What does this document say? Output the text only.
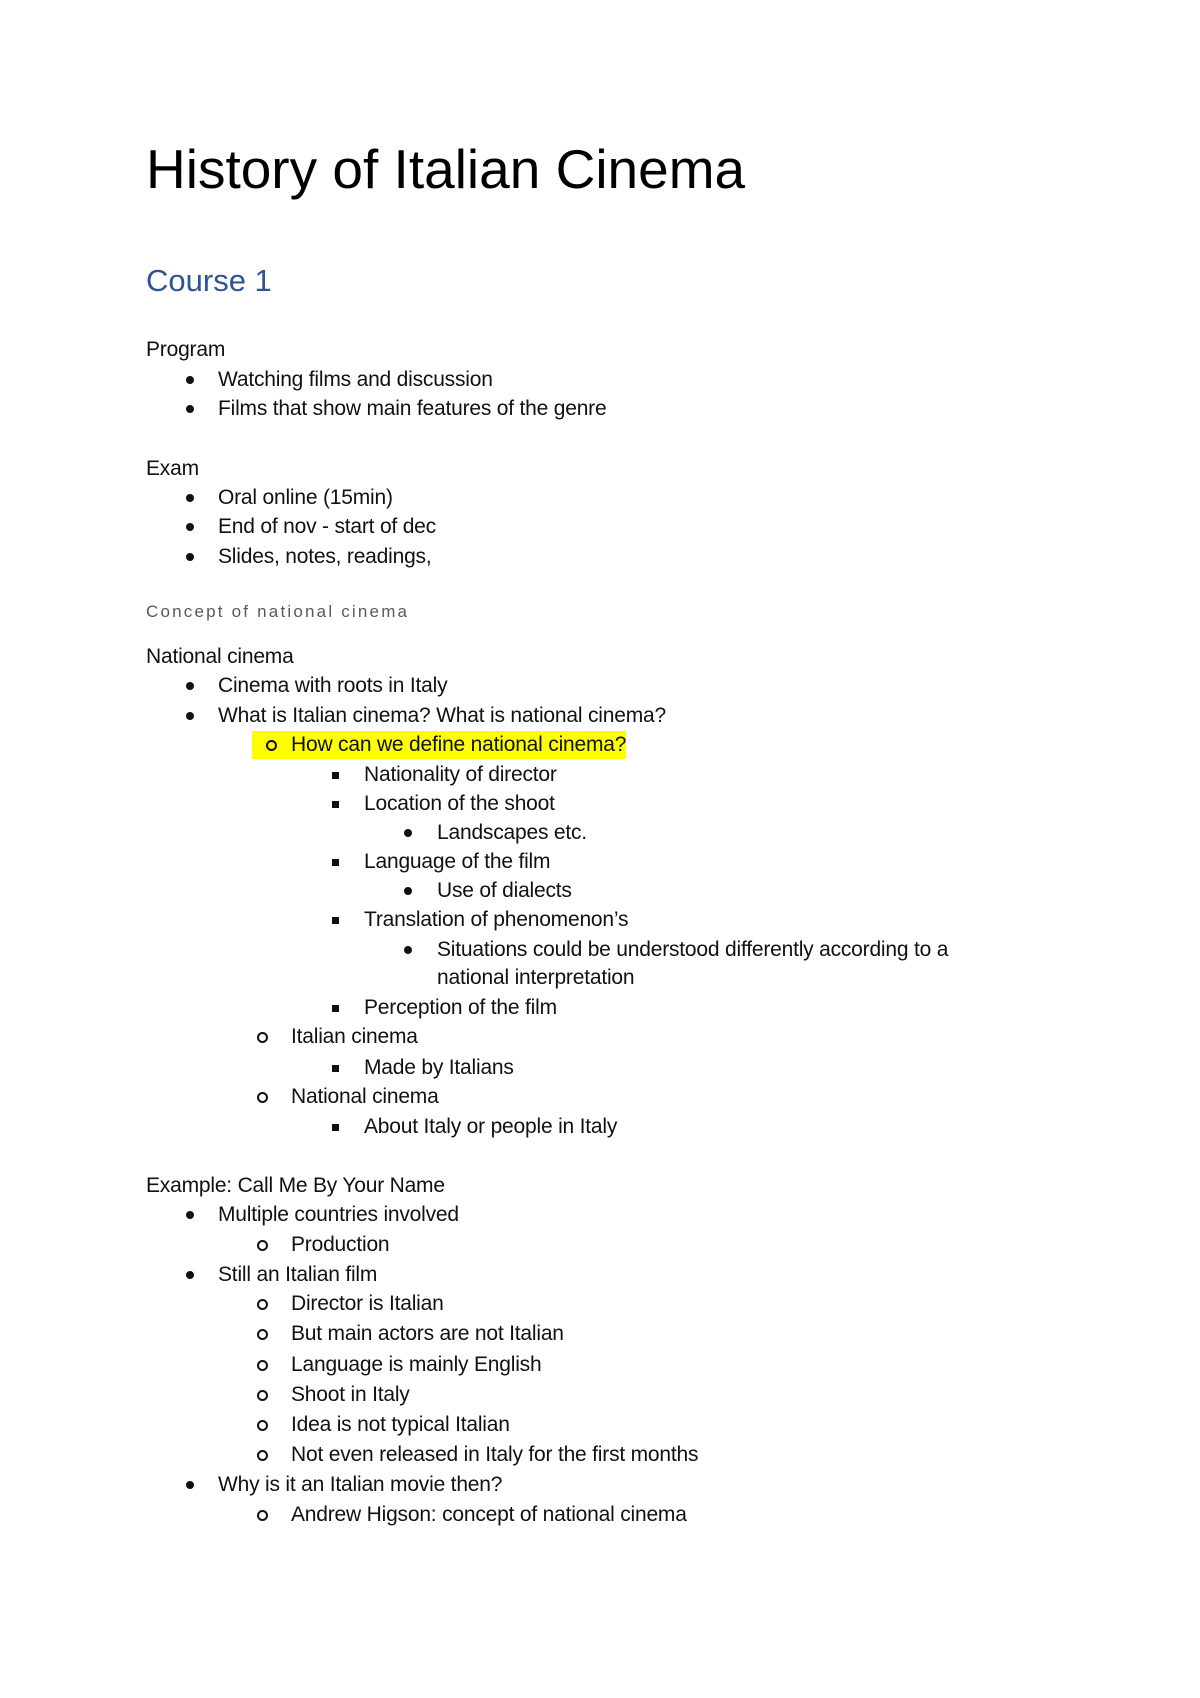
History of Italian Cinema
Course 1
Concept of national cinema
Program
Watching films and discussion
Films that show main features of the genre
Exam
Oral online (15min)
End of nov - start of dec
Slides, notes, readings,
National cinema
Cinema with roots in Italy
What is Italian cinema? What is national cinema?
How can we define national cinema?
Nationality of director
Location of the shoot
Landscapes etc.
Language of the film
Use of dialects
Translation of phenomenon’s
Situations could be understood differently according to a
national interpretation
Perception of the film
Italian cinema
Made by Italians
National cinema
About Italy or people in Italy
Example: Call Me By Your Name
Multiple countries involved
Production
Still an Italian film
Director is Italian
But main actors are not Italian
Language is mainly English
Shoot in Italy
Idea is not typical Italian
Not even released in Italy for the first months
Why is it an Italian movie then?
Andrew Higson: concept of national cinema
